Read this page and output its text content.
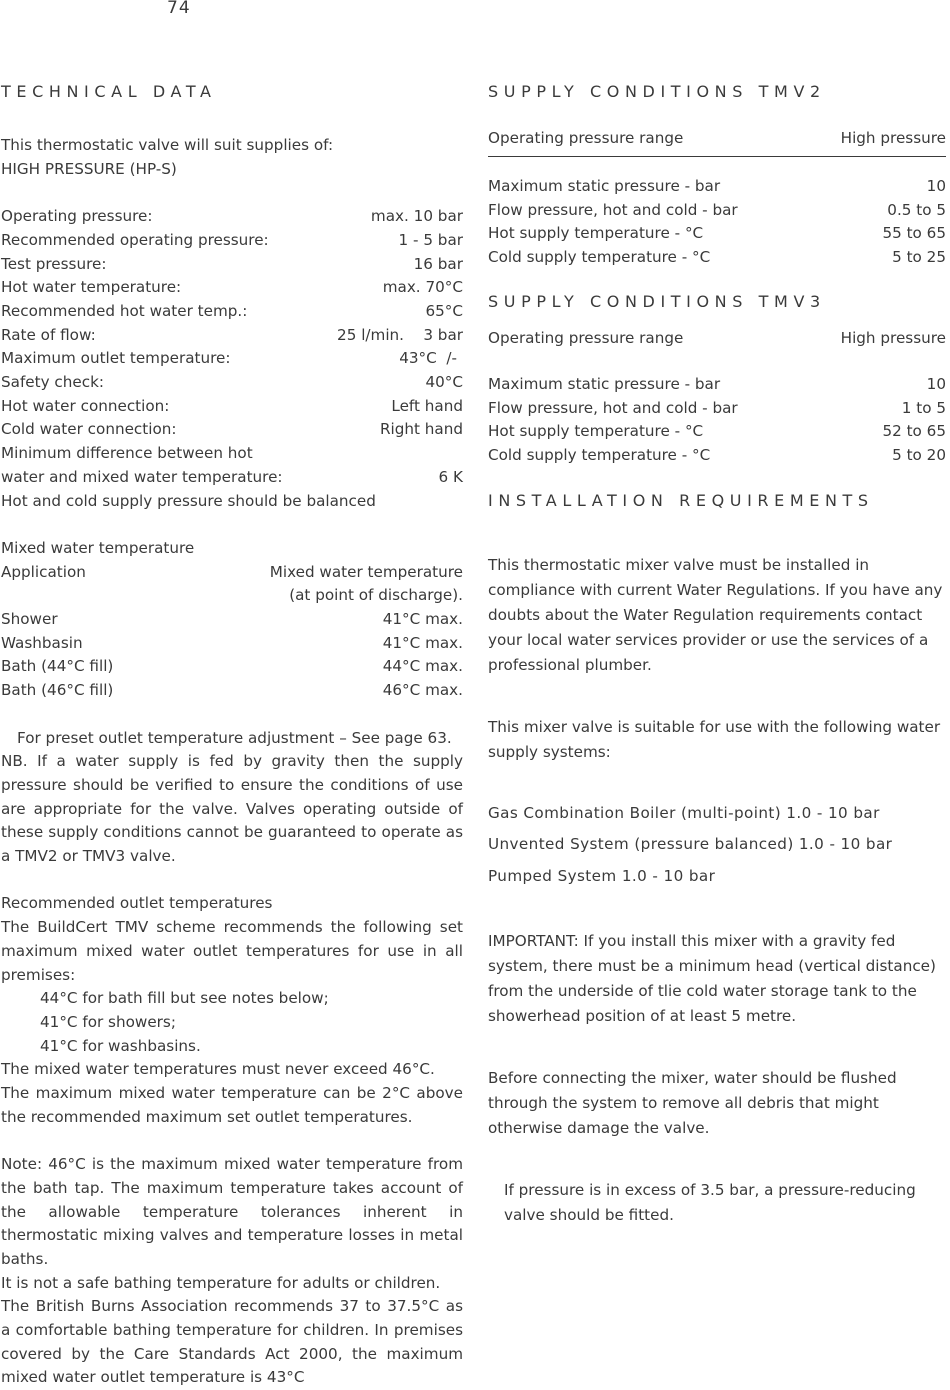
74
TECHNICAL DATA
This thermostatic valve will suit supplies of:
HIGH PRESSURE (HP-S)
Operating pressure:	max. 10 bar
Recommended operating pressure:	1 - 5 bar
Test pressure:	16 bar
Hot water temperature:	max. 70°C
Recommended hot water temp.:	65°C
Rate of flow:	25 l/min.    3 bar
Maximum outlet temperature:	43°C  /-
Safety check:	40°C
Hot water connection:	Left hand
Cold water connection:	Right hand
Minimum difference between hot
water and mixed water temperature:	6 K
Hot and cold supply pressure should be balanced
Mixed water temperature
Application	Mixed water temperature
(at point of discharge).
Shower	41°C max.
Washbasin	41°C max.
Bath (44°C fill)	44°C max.
Bath (46°C fill)	46°C max.
For preset outlet temperature adjustment – See page 63.
NB. If a water supply is fed by gravity then the supply pressure should be verified to ensure the conditions of use are appropriate for the valve. Valves operating outside of these supply conditions cannot be guaranteed to operate as a TMV2 or TMV3 valve.
Recommended outlet temperatures
The BuildCert TMV scheme recommends the following set maximum mixed water outlet temperatures for use in all premises:
44°C for bath fill but see notes below;
41°C for showers;
41°C for washbasins.
The mixed water temperatures must never exceed 46°C.
The maximum mixed water temperature can be 2°C above the recommended maximum set outlet temperatures.
Note: 46°C is the maximum mixed water temperature from the bath tap. The maximum temperature takes account of the allowable temperature tolerances inherent in thermostatic mixing valves and temperature losses in metal baths.
It is not a safe bathing temperature for adults or children.
The British Burns Association recommends 37 to 37.5°C as a comfortable bathing temperature for children. In premises covered by the Care Standards Act 2000, the maximum mixed water outlet temperature is 43°C
SUPPLY CONDITIONS TMV2
Operating pressure range	High pressure
Maximum static pressure - bar	10
Flow pressure, hot and cold - bar	0.5 to 5
Hot supply temperature - °C	55 to 65
Cold supply temperature - °C	5 to 25
SUPPLY CONDITIONS TMV3
Operating pressure range	High pressure
Maximum static pressure - bar	10
Flow pressure, hot and cold - bar	1 to 5
Hot supply temperature - °C	52 to 65
Cold supply temperature - °C	5 to 20
INSTALLATION REQUIREMENTS
This thermostatic mixer valve must be installed in compliance with current Water Regulations. If you have any doubts about the Water Regulation requirements contact your local water services provider or use the services of a professional plumber.
This mixer valve is suitable for use with the following water supply systems:
Gas Combination Boiler (multi-point) 1.0 - 10 bar
Unvented System (pressure balanced) 1.0 - 10 bar
Pumped System 1.0 - 10 bar
IMPORTANT: If you install this mixer with a gravity fed system, there must be a minimum head (vertical distance) from the underside of tlie cold water storage tank to the showerhead position of at least 5 metre.
Before connecting the mixer, water should be flushed through the system to remove all debris that might otherwise damage the valve.
If pressure is in excess of 3.5 bar, a pressure-reducing valve should be fitted.
